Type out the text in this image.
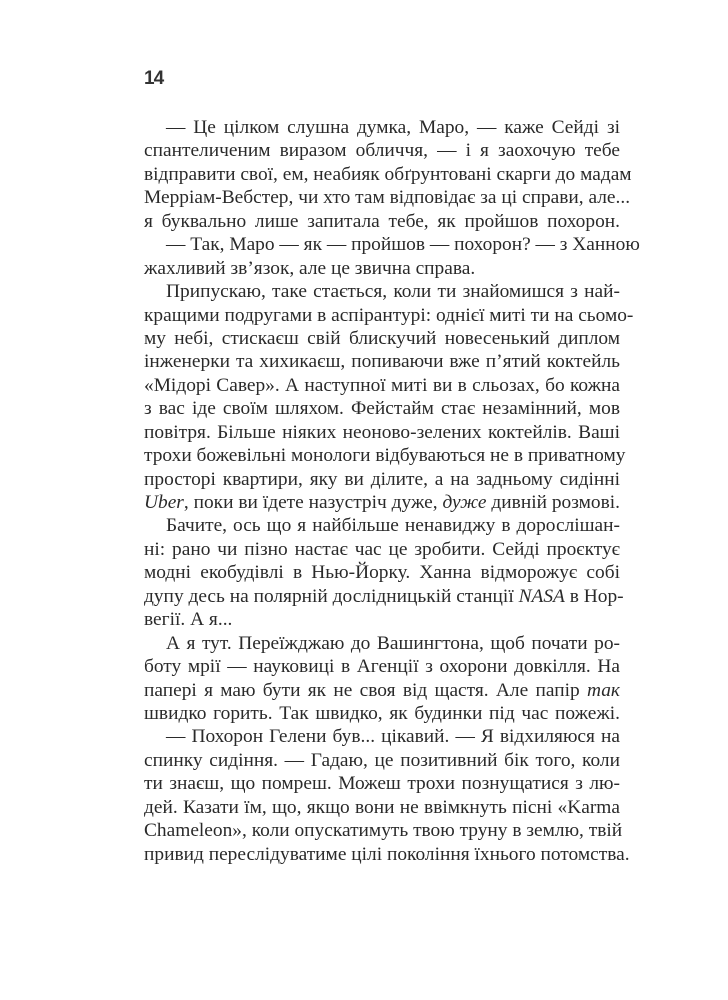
14
— Це цілком слушна думка, Маро, — каже Сейді зі
спантеличеним виразом обличчя, — і я заохочую тебе
відправити свої, ем, неабияк обґрунтовані скарги до мадам
Мерріам-Вебстер, чи хто там відповідає за ці справи, але...
я буквально лише запитала тебе, як пройшов похорон.
— Так, Маро — як — пройшов — похорон? — з Ханною
жахливий зв’язок, але це звична справа.
Припускаю, таке стається, коли ти знайомишся з най-
кращими подругами в аспірантурі: однієї миті ти на сьомо-
му небі, стискаєш свій блискучий новесенький диплом
інженерки та хихикаєш, попиваючи вже п’ятий коктейль
«Мідорі Савер». А наступної миті ви в сльозах, бо кожна
з вас іде своїм шляхом. Фейстайм стає незамінний, мов
повітря. Більше ніяких неоново-зелених коктейлів. Ваші
трохи божевільні монологи відбуваються не в приватному
просторі квартири, яку ви ділите, а на задньому сидінні
Uber, поки ви їдете назустріч дуже, дуже дивній розмові.
Бачите, ось що я найбільше ненавиджу в дорослішан-
ні: рано чи пізно настає час це зробити. Сейді проєктує
модні екобудівлі в Нью-Йорку. Ханна відморожує собі
дупу десь на полярній дослідницькій станції NASA в Нор-
вегії. А я...
А я тут. Переїжджаю до Вашингтона, щоб почати ро-
боту мрії — науковиці в Агенції з охорони довкілля. На
папері я маю бути як не своя від щастя. Але папір так
швидко горить. Так швидко, як будинки під час пожежі.
— Похорон Гелени був... цікавий. — Я відхиляюся на
спинку сидіння. — Гадаю, це позитивний бік того, коли
ти знаєш, що помреш. Можеш трохи познущатися з лю-
дей. Казати їм, що, якщо вони не ввімкнуть пісні «Karma
Chameleon», коли опускатимуть твою труну в землю, твій
привид переслідуватиме цілі покоління їхнього потомства.
